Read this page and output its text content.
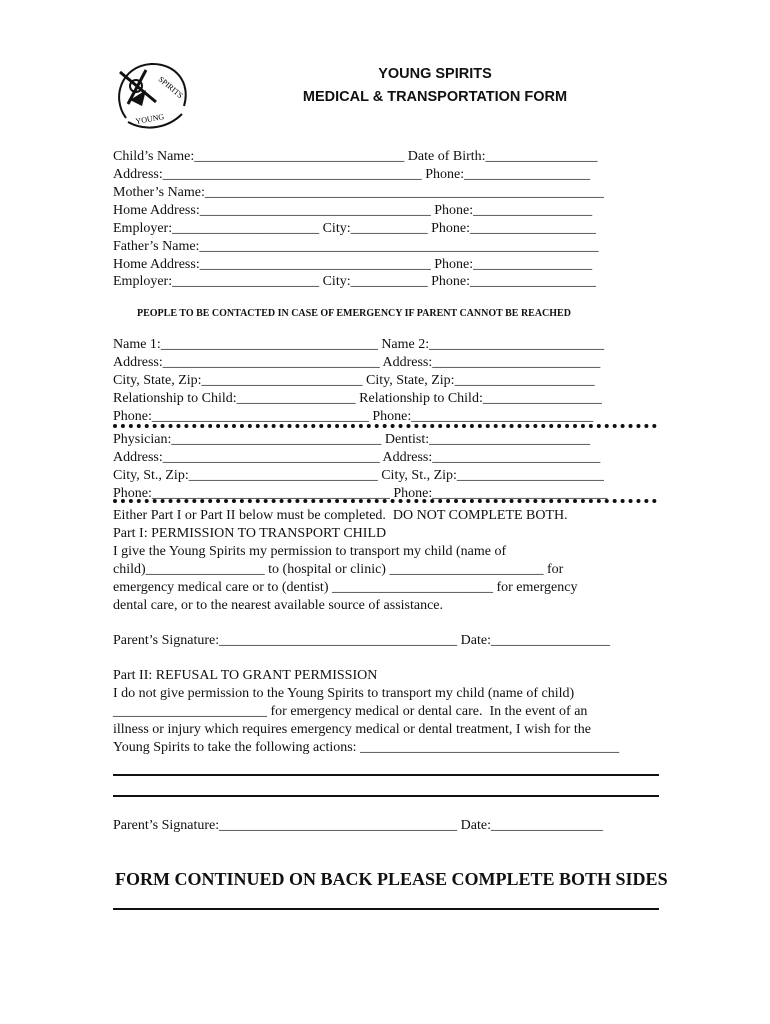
SPIRITS
YOUNG
YOUNG SPIRITS
MEDICAL & TRANSPORTATION FORM
Child’s Name:______________________________ Date of Birth:________________
Address:_____________________________________ Phone:__________________
Mother’s Name:_________________________________________________________
Home Address:_________________________________ Phone:_________________
Employer:_____________________ City:___________ Phone:__________________
Father’s Name:_________________________________________________________
Home Address:_________________________________ Phone:_________________
Employer:_____________________ City:___________ Phone:__________________
PEOPLE TO BE CONTACTED IN CASE OF EMERGENCY IF PARENT CANNOT BE REACHED
Name 1:_______________________________ Name 2:_________________________
Address:_______________________________ Address:________________________
City, State, Zip:_______________________ City, State, Zip:____________________
Relationship to Child:_________________ Relationship to Child:_________________
Phone:_______________________________ Phone:__________________________
Physician:______________________________ Dentist:_______________________
Address:_______________________________ Address:________________________
City, St., Zip:___________________________ City, St., Zip:_____________________
Phone:__________________________________ Phone:_________________________
Either Part I or Part II below must be completed.  DO NOT COMPLETE BOTH.
Part I: PERMISSION TO TRANSPORT CHILD
I give the Young Spirits my permission to transport my child (name of
child)_________________ to (hospital or clinic) ______________________ for
emergency medical care or to (dentist) _______________________ for emergency
dental care, or to the nearest available source of assistance.
Parent’s Signature:__________________________________ Date:_________________
Part II: REFUSAL TO GRANT PERMISSION
I do not give permission to the Young Spirits to transport my child (name of child)
______________________ for emergency medical or dental care.  In the event of an
illness or injury which requires emergency medical or dental treatment, I wish for the
Young Spirits to take the following actions: _____________________________________
Parent’s Signature:__________________________________ Date:________________
FORM CONTINUED ON BACK PLEASE COMPLETE BOTH SIDES
